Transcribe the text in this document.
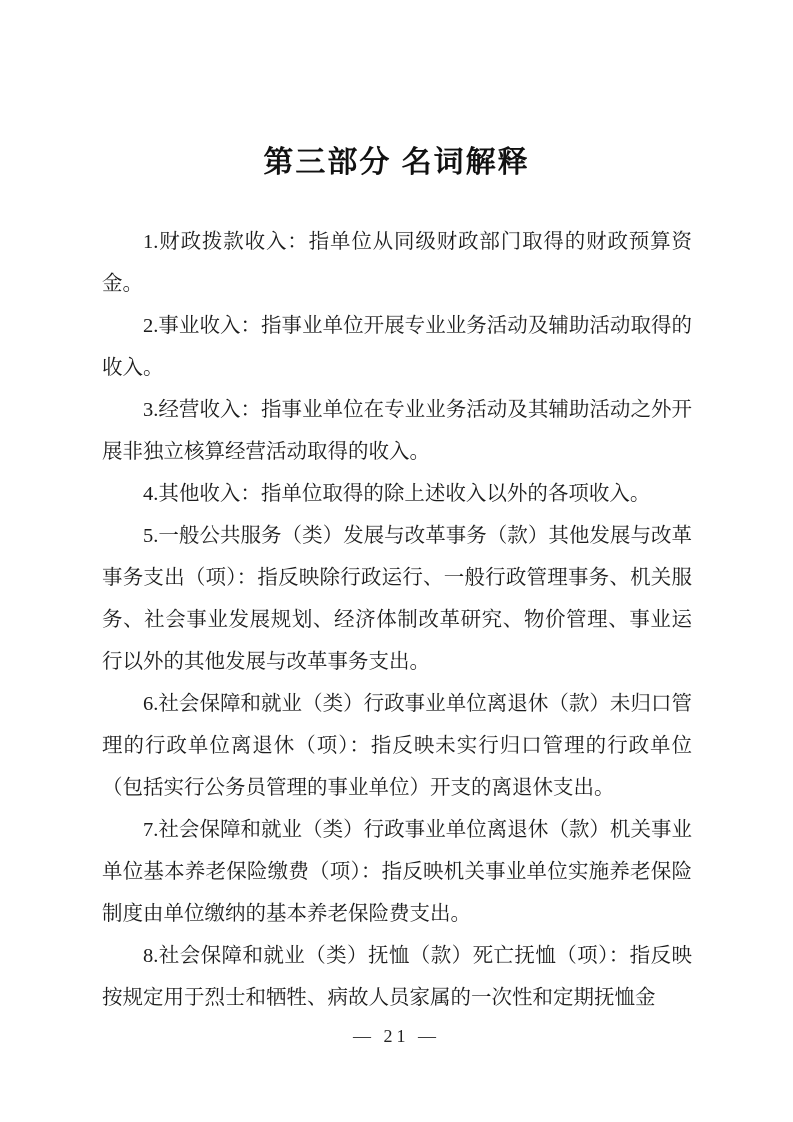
第三部分 名词解释

1.财政拨款收入：指单位从同级财政部门取得的财政预算资金。

2.事业收入：指事业单位开展专业业务活动及辅助活动取得的收入。

3.经营收入：指事业单位在专业业务活动及其辅助活动之外开展非独立核算经营活动取得的收入。

4.其他收入：指单位取得的除上述收入以外的各项收入。

5.一般公共服务（类）发展与改革事务（款）其他发展与改革事务支出（项）：指反映除行政运行、一般行政管理事务、机关服务、社会事业发展规划、经济体制改革研究、物价管理、事业运行以外的其他发展与改革事务支出。

6.社会保障和就业（类）行政事业单位离退休（款）未归口管理的行政单位离退休（项）：指反映未实行归口管理的行政单位（包括实行公务员管理的事业单位）开支的离退休支出。

7.社会保障和就业（类）行政事业单位离退休（款）机关事业单位基本养老保险缴费（项）：指反映机关事业单位实施养老保险制度由单位缴纳的基本养老保险费支出。

8.社会保障和就业（类）抚恤（款）死亡抚恤（项）：指反映按规定用于烈士和牺牲、病故人员家属的一次性和定期抚恤金

— 21 —
